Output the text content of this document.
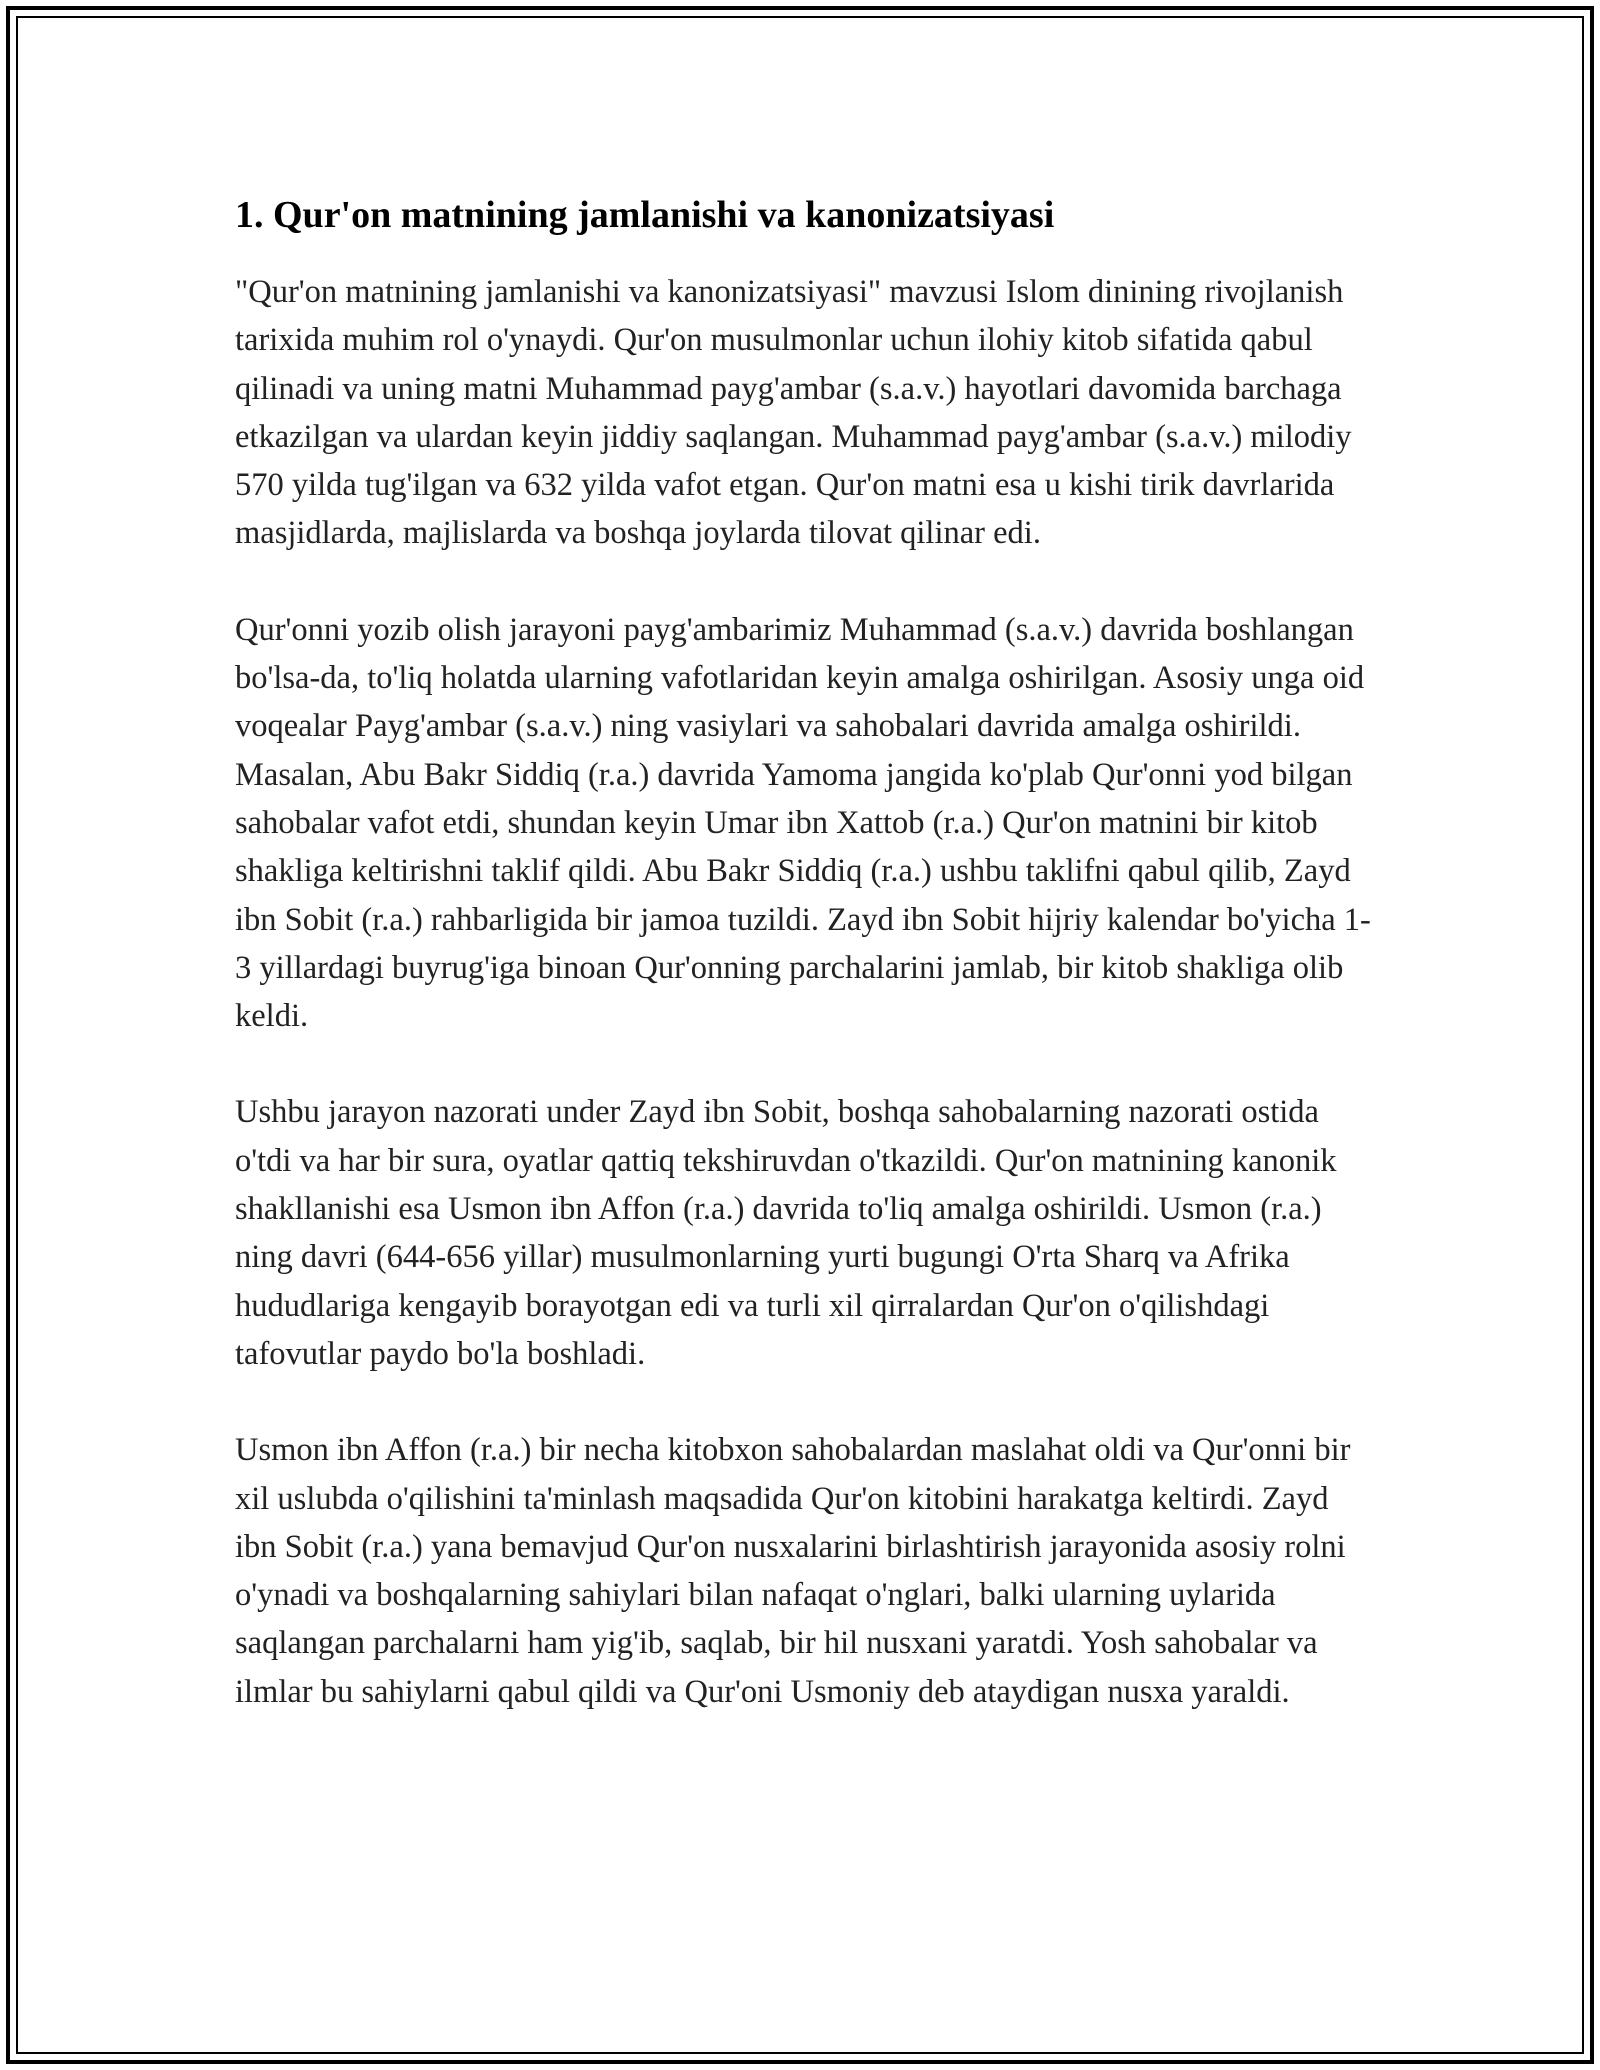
1. Qur'on matnining jamlanishi va kanonizatsiyasi

"Qur'on matnining jamlanishi va kanonizatsiyasi" mavzusi Islom dinining rivojlanish tarixida muhim rol o'ynaydi. Qur'on musulmonlar uchun ilohiy kitob sifatida qabul qilinadi va uning matni Muhammad payg'ambar (s.a.v.) hayotlari davomida barchaga etkazilgan va ulardan keyin jiddiy saqlangan. Muhammad payg'ambar (s.a.v.) milodiy 570 yilda tug'ilgan va 632 yilda vafot etgan. Qur'on matni esa u kishi tirik davrlarida masjidlarda, majlislarda va boshqa joylarda tilovat qilinar edi.

Qur'onni yozib olish jarayoni payg'ambarimiz Muhammad (s.a.v.) davrida boshlangan bo'lsa-da, to'liq holatda ularning vafotlaridan keyin amalga oshirilgan. Asosiy unga oid voqealar Payg'ambar (s.a.v.) ning vasiylari va sahobalari davrida amalga oshirildi. Masalan, Abu Bakr Siddiq (r.a.) davrida Yamoma jangida ko'plab Qur'onni yod bilgan sahobalar vafot etdi, shundan keyin Umar ibn Xattob (r.a.) Qur'on matnini bir kitob shakliga keltirishni taklif qildi. Abu Bakr Siddiq (r.a.) ushbu taklifni qabul qilib, Zayd ibn Sobit (r.a.) rahbarligida bir jamoa tuzildi. Zayd ibn Sobit hijriy kalendar bo'yicha 1-3 yillardagi buyrug'iga binoan Qur'onning parchalarini jamlab, bir kitob shakliga olib keldi.

Ushbu jarayon nazorati under Zayd ibn Sobit, boshqa sahobalarning nazorati ostida o'tdi va har bir sura, oyatlar qattiq tekshiruvdan o'tkazildi. Qur'on matnining kanonik shakllanishi esa Usmon ibn Affon (r.a.) davrida to'liq amalga oshirildi. Usmon (r.a.) ning davri (644-656 yillar) musulmonlarning yurti bugungi O'rta Sharq va Afrika hududlariga kengayib borayotgan edi va turli xil qirralardan Qur'on o'qilishdagi tafovutlar paydo bo'la boshladi.

Usmon ibn Affon (r.a.) bir necha kitobxon sahobalardan maslahat oldi va Qur'onni bir xil uslubda o'qilishini ta'minlash maqsadida Qur'on kitobini harakatga keltirdi. Zayd ibn Sobit (r.a.) yana bemavjud Qur'on nusxalarini birlashtirish jarayonida asosiy rolni o'ynadi va boshqalarning sahiylari bilan nafaqat o'nglari, balki ularning uylarida saqlangan parchalarni ham yig'ib, saqlab, bir hil nusxani yaratdi. Yosh sahobalar va ilmlar bu sahiylarni qabul qildi va Qur'oni Usmoniy deb ataydigan nusxa yaraldi.
